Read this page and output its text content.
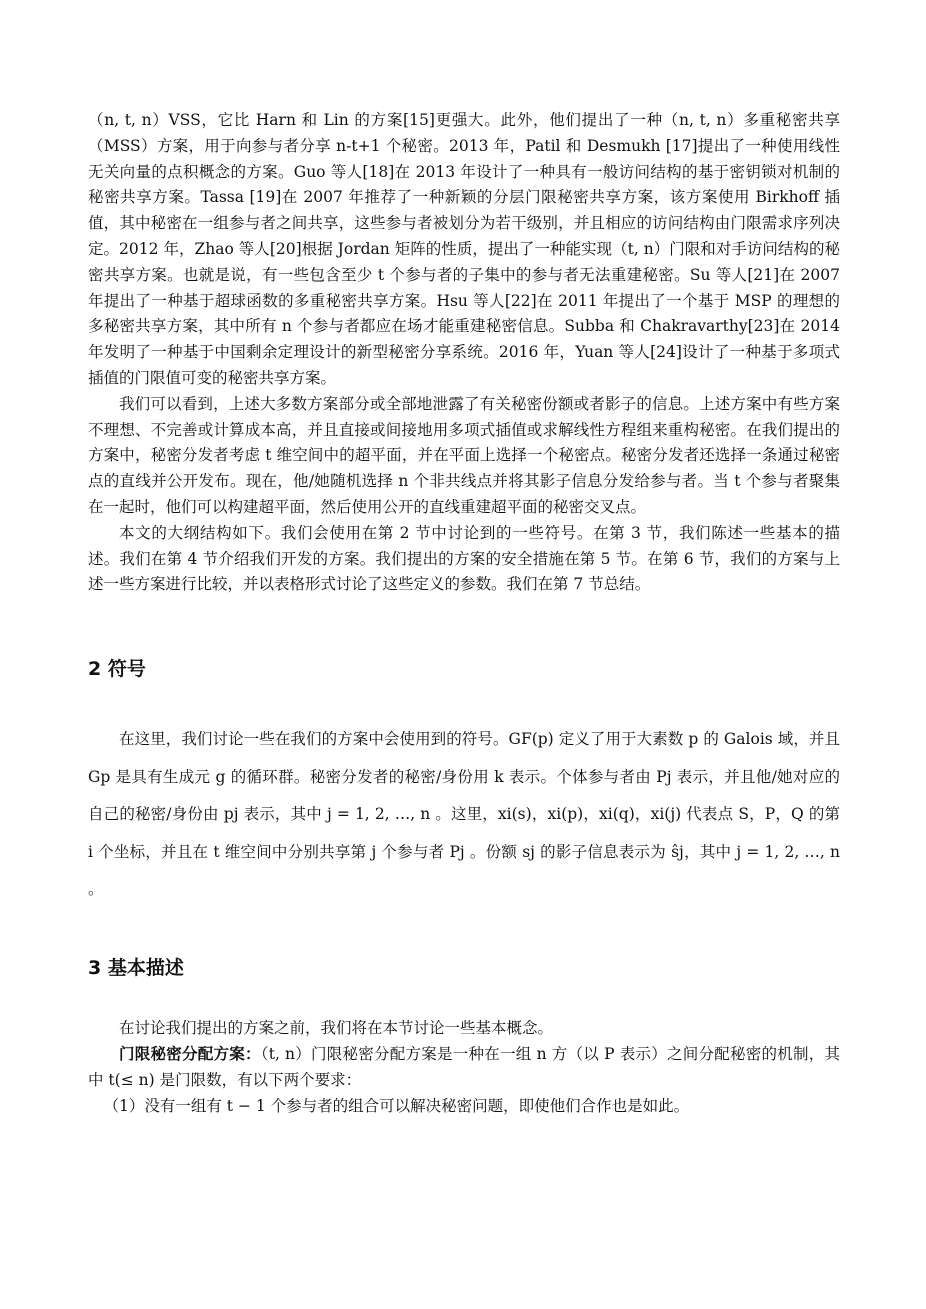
（n, t, n）VSS，它比 Harn 和 Lin 的方案[15]更强大。此外，他们提出了一种（n, t, n）多重秘密共享（MSS）方案，用于向参与者分享 n-t+1 个秘密。2013 年，Patil 和 Desmukh [17]提出了一种使用线性无关向量的点积概念的方案。Guo 等人[18]在 2013 年设计了一种具有一般访问结构的基于密钥锁对机制的秘密共享方案。Tassa [19]在 2007 年推荐了一种新颖的分层门限秘密共享方案，该方案使用 Birkhoff 插值，其中秘密在一组参与者之间共享，这些参与者被划分为若干级别，并且相应的访问结构由门限需求序列决定。2012 年，Zhao 等人[20]根据 Jordan 矩阵的性质，提出了一种能实现（t, n）门限和对手访问结构的秘密共享方案。也就是说，有一些包含至少 t 个参与者的子集中的参与者无法重建秘密。Su 等人[21]在 2007 年提出了一种基于超球函数的多重秘密共享方案。Hsu 等人[22]在 2011 年提出了一个基于 MSP 的理想的多秘密共享方案，其中所有 n 个参与者都应在场才能重建秘密信息。Subba 和 Chakravarthy[23]在 2014 年发明了一种基于中国剩余定理设计的新型秘密分享系统。2016 年，Yuan 等人[24]设计了一种基于多项式插值的门限值可变的秘密共享方案。

我们可以看到，上述大多数方案部分或全部地泄露了有关秘密份额或者影子的信息。上述方案中有些方案不理想、不完善或计算成本高，并且直接或间接地用多项式插值或求解线性方程组来重构秘密。在我们提出的方案中，秘密分发者考虑 t 维空间中的超平面，并在平面上选择一个秘密点。秘密分发者还选择一条通过秘密点的直线并公开发布。现在，他/她随机选择 n 个非共线点并将其影子信息分发给参与者。当 t 个参与者聚集在一起时，他们可以构建超平面，然后使用公开的直线重建超平面的秘密交叉点。

本文的大纲结构如下。我们会使用在第 2 节中讨论到的一些符号。在第 3 节，我们陈述一些基本的描述。我们在第 4 节介绍我们开发的方案。我们提出的方案的安全措施在第 5 节。在第 6 节，我们的方案与上述一些方案进行比较，并以表格形式讨论了这些定义的参数。我们在第 7 节总结。

2 符号

在这里，我们讨论一些在我们的方案中会使用到的符号。GF(p) 定义了用于大素数 p 的 Galois 域，并且 Gp 是具有生成元 g 的循环群。秘密分发者的秘密/身份用 k 表示。个体参与者由 Pj 表示，并且他/她对应的自己的秘密/身份由 pj 表示，其中 j = 1, 2, …, n 。这里，xi(s)，xi(p)，xi(q)，xi(j) 代表点 S，P，Q 的第 i 个坐标，并且在 t 维空间中分别共享第 j 个参与者 Pj 。份额 sj 的影子信息表示为 ŝj，其中 j = 1, 2, …, n 。

3 基本描述

在讨论我们提出的方案之前，我们将在本节讨论一些基本概念。

门限秘密分配方案：（t, n）门限秘密分配方案是一种在一组 n 方（以 P 表示）之间分配秘密的机制，其中 t(≤ n) 是门限数，有以下两个要求：

（1）没有一组有 t − 1 个参与者的组合可以解决秘密问题，即使他们合作也是如此。
